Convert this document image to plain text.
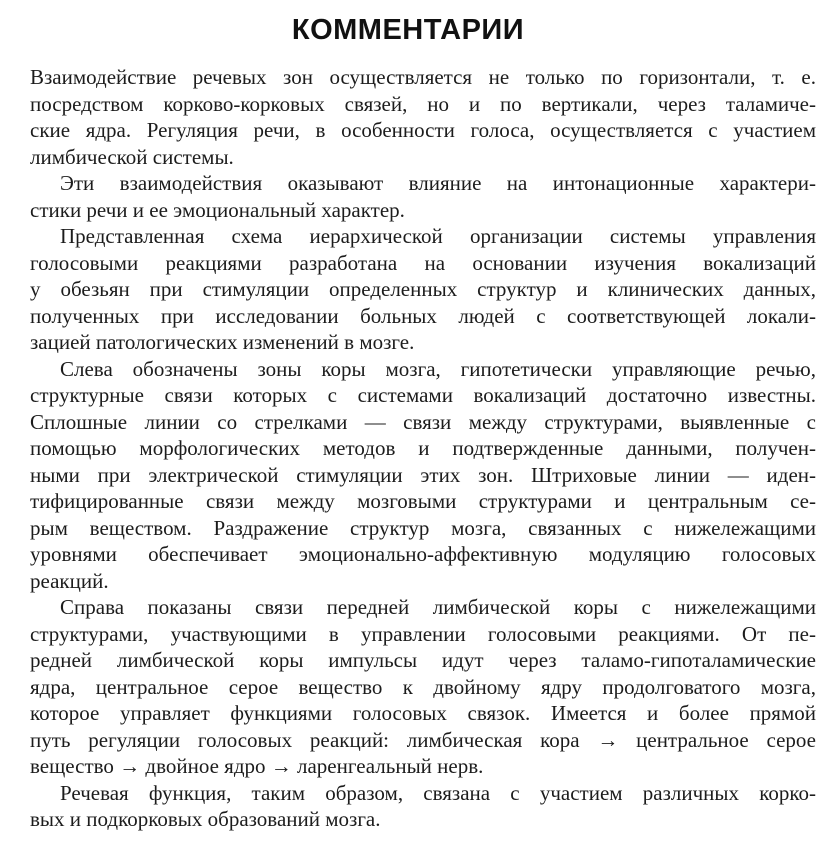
КОММЕНТАРИИ
Взаимодействие речевых зон осуществляется не только по горизонтали, т. е.
посредством корково-корковых связей, но и по вертикали, через таламиче-
ские ядра. Регуляция речи, в особенности голоса, осуществляется с участием
лимбической системы.
Эти взаимодействия оказывают влияние на интонационные характери-
стики речи и ее эмоциональный характер.
Представленная схема иерархической организации системы управления
голосовыми реакциями разработана на основании изучения вокализаций
у обезьян при стимуляции определенных структур и клинических данных,
полученных при исследовании больных людей с соответствующей локали-
зацией патологических изменений в мозге.
Слева обозначены зоны коры мозга, гипотетически управляющие речью,
структурные связи которых с системами вокализаций достаточно известны.
Сплошные линии со стрелками — связи между структурами, выявленные с
помощью морфологических методов и подтвержденные данными, получен-
ными при электрической стимуляции этих зон. Штриховые линии — иден-
тифицированные связи между мозговыми структурами и центральным се-
рым веществом. Раздражение структур мозга, связанных с нижележащими
уровнями обеспечивает эмоционально-аффективную модуляцию голосовых
реакций.
Справа показаны связи передней лимбической коры с нижележащими
структурами, участвующими в управлении голосовыми реакциями. От пе-
редней лимбической коры импульсы идут через таламо-гипоталамические
ядра, центральное серое вещество к двойному ядру продолговатого мозга,
которое управляет функциями голосовых связок. Имеется и более прямой
путь регуляции голосовых реакций: лимбическая кора → центральное серое
вещество → двойное ядро → ларенгеальный нерв.
Речевая функция, таким образом, связана с участием различных корко-
вых и подкорковых образований мозга.
